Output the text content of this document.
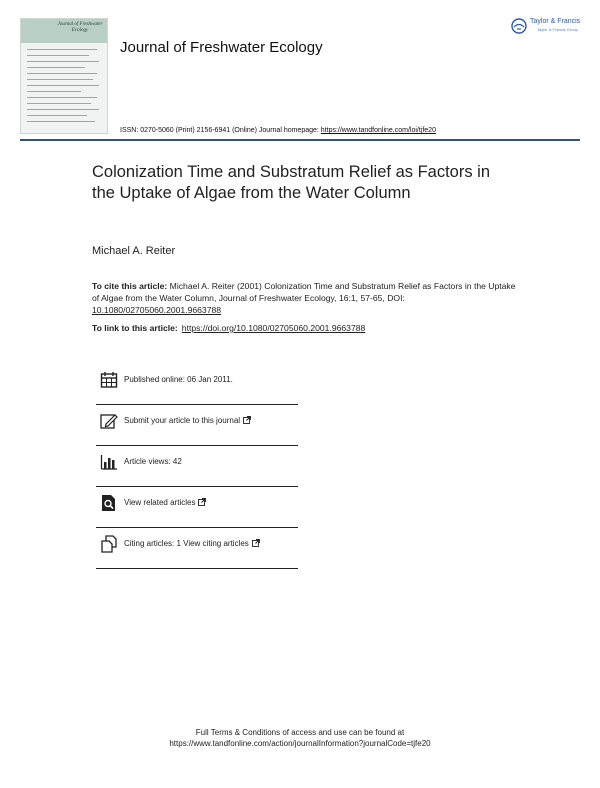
Journal of Freshwater Ecology
Journal of Freshwater Ecology
Taylor & Francis
Taylor & Francis Group
ISSN: 0270-5060 (Print) 2156-6941 (Online) Journal homepage: https://www.tandfonline.com/loi/tjfe20
Colonization Time and Substratum Relief as Factors in the Uptake of Algae from the Water Column
Michael A. Reiter
To cite this article: Michael A. Reiter (2001) Colonization Time and Substratum Relief as Factors in the Uptake of Algae from the Water Column, Journal of Freshwater Ecology, 16:1, 57-65, DOI: 10.1080/02705060.2001.9663788
To link to this article: https://doi.org/10.1080/02705060.2001.9663788
Published online: 06 Jan 2011.
Submit your article to this journal
Article views: 42
View related articles
Citing articles: 1 View citing articles
Full Terms & Conditions of access and use can be found at
https://www.tandfonline.com/action/journalInformation?journalCode=tjfe20
